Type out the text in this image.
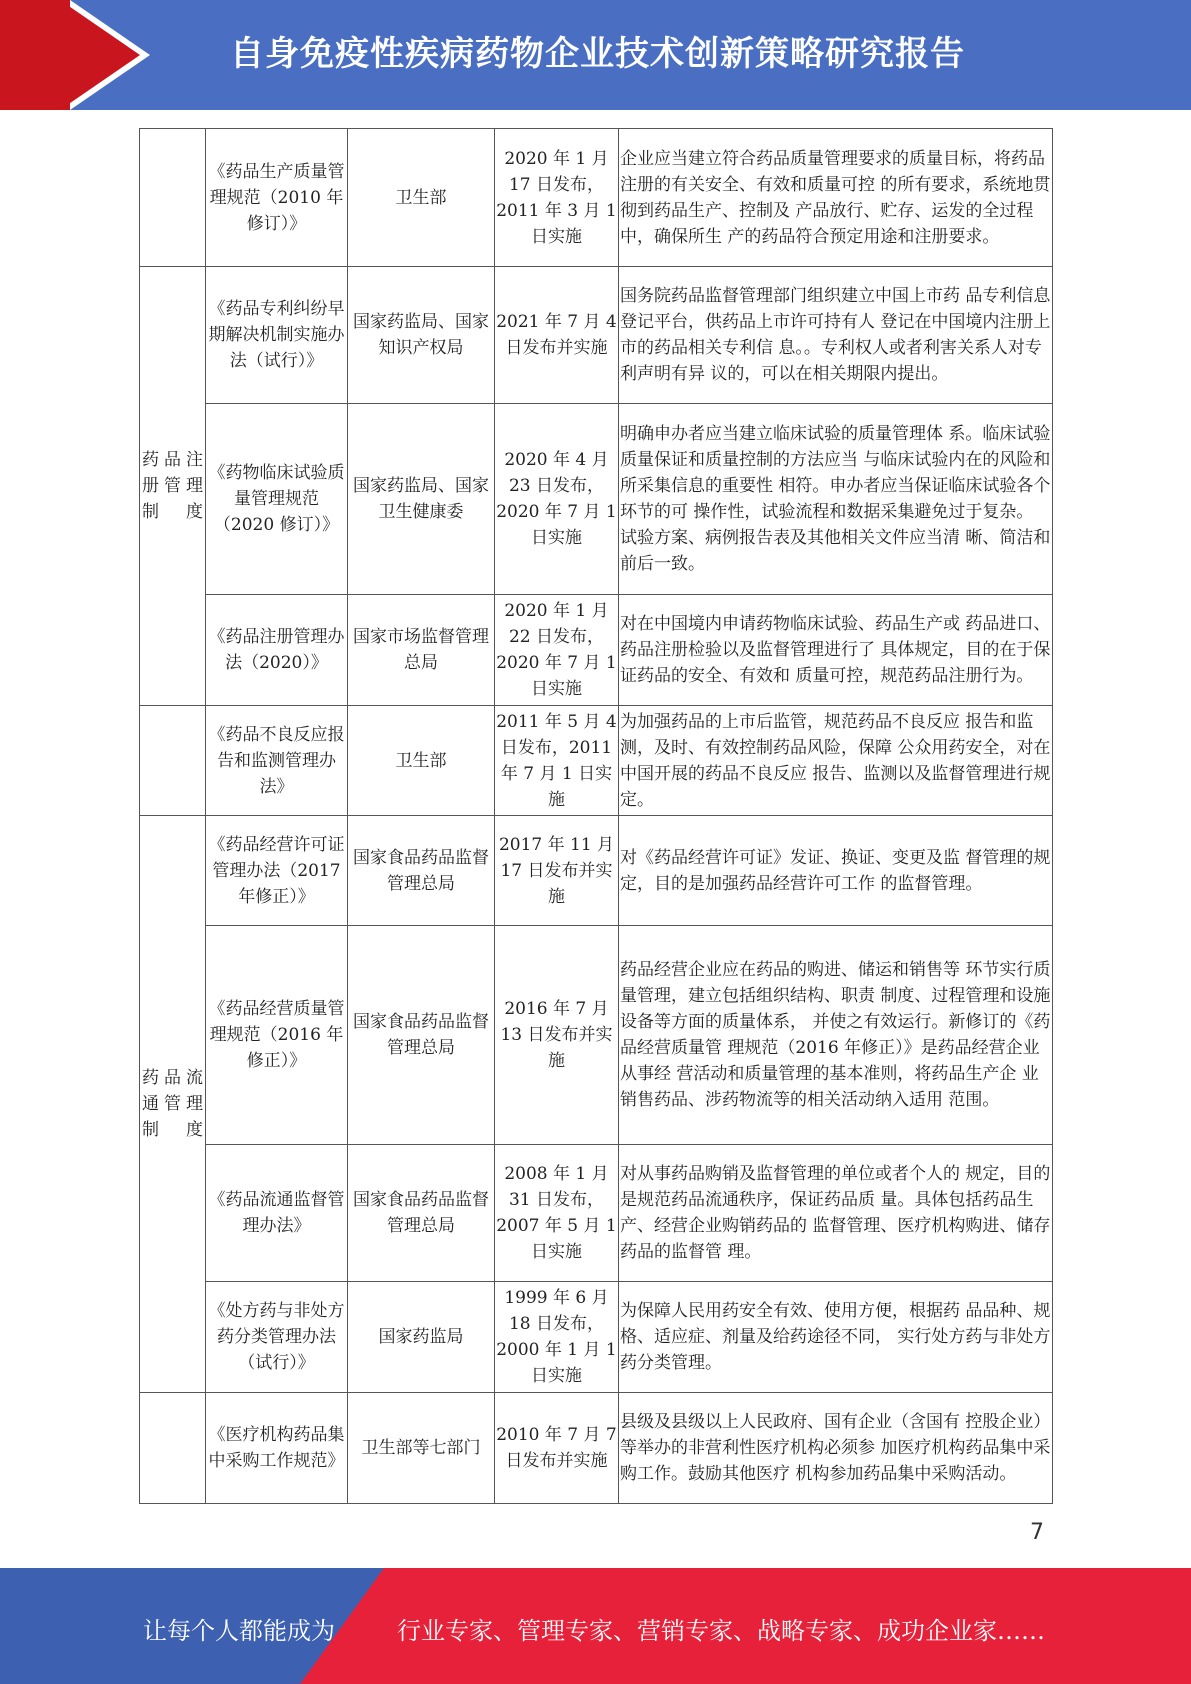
自身免疫性疾病药物企业技术创新策略研究报告
	《药品生产质量管理规范（2010 年修订）》	卫生部	2020 年 1 月 17 日发布，2011 年 3 月 1 日实施	企业应当建立符合药品质量管理要求的质量目标，将药品注册的有关安全、有效和质量可控 的所有要求，系统地贯彻到药品生产、控制及 产品放行、贮存、运发的全过程中，确保所生 产的药品符合预定用途和注册要求。
药品注册管理制度	《药品专利纠纷早期解决机制实施办法（试行）》	国家药监局、国家知识产权局	2021 年 7 月 4 日发布并实施	国务院药品监督管理部门组织建立中国上市药 品专利信息登记平台，供药品上市许可持有人 登记在中国境内注册上市的药品相关专利信 息。。专利权人或者利害关系人对专利声明有异 议的，可以在相关期限内提出。
	《药物临床试验质量管理规范（2020 修订）》	国家药监局、国家卫生健康委	2020 年 4 月 23 日发布，2020 年 7 月 1 日实施	明确申办者应当建立临床试验的质量管理体 系。临床试验质量保证和质量控制的方法应当 与临床试验内在的风险和所采集信息的重要性 相符。申办者应当保证临床试验各个环节的可 操作性，试验流程和数据采集避免过于复杂。 试验方案、病例报告表及其他相关文件应当清 晰、简洁和前后一致。
	《药品注册管理办法（2020）》	国家市场监督管理总局	2020 年 1 月 22 日发布，2020 年 7 月 1 日实施	对在中国境内申请药物临床试验、药品生产或 药品进口、药品注册检验以及监督管理进行了 具体规定，目的在于保证药品的安全、有效和 质量可控，规范药品注册行为。
	《药品不良反应报告和监测管理办法》	卫生部	2011 年 5 月 4 日发布，2011 年 7 月 1 日实施	为加强药品的上市后监管，规范药品不良反应 报告和监测，及时、有效控制药品风险，保障 公众用药安全，对在中国开展的药品不良反应 报告、监测以及监督管理进行规定。
药品流通管理制度	《药品经营许可证管理办法（2017 年修正）》	国家食品药品监督管理总局	2017 年 11 月 17 日发布并实施	对《药品经营许可证》发证、换证、变更及监 督管理的规定，目的是加强药品经营许可工作 的监督管理。
	《药品经营质量管理规范（2016 年修正）》	国家食品药品监督管理总局	2016 年 7 月 13 日发布并实施	药品经营企业应在药品的购进、储运和销售等 环节实行质量管理，建立包括组织结构、职责 制度、过程管理和设施设备等方面的质量体系， 并使之有效运行。新修订的《药品经营质量管 理规范（2016 年修正）》是药品经营企业从事经 营活动和质量管理的基本准则，将药品生产企 业销售药品、涉药物流等的相关活动纳入适用 范围。
	《药品流通监督管理办法》	国家食品药品监督管理总局	2008 年 1 月 31 日发布，2007 年 5 月 1 日实施	对从事药品购销及监督管理的单位或者个人的 规定，目的是规范药品流通秩序，保证药品质 量。具体包括药品生产、经营企业购销药品的 监督管理、医疗机构购进、储存药品的监督管 理。
	《处方药与非处方药分类管理办法（试行）》	国家药监局	1999 年 6 月 18 日发布，2000 年 1 月 1 日实施	为保障人民用药安全有效、使用方便，根据药 品品种、规格、适应症、剂量及给药途径不同， 实行处方药与非处方药分类管理。
	《医疗机构药品集中采购工作规范》	卫生部等七部门	2010 年 7 月 7 日发布并实施	县级及县级以上人民政府、国有企业（含国有 控股企业）等举办的非营利性医疗机构必须参 加医疗机构药品集中采购工作。鼓励其他医疗 机构参加药品集中采购活动。
7
让每个人都能成为	行业专家、管理专家、营销专家、战略专家、成功企业家……
